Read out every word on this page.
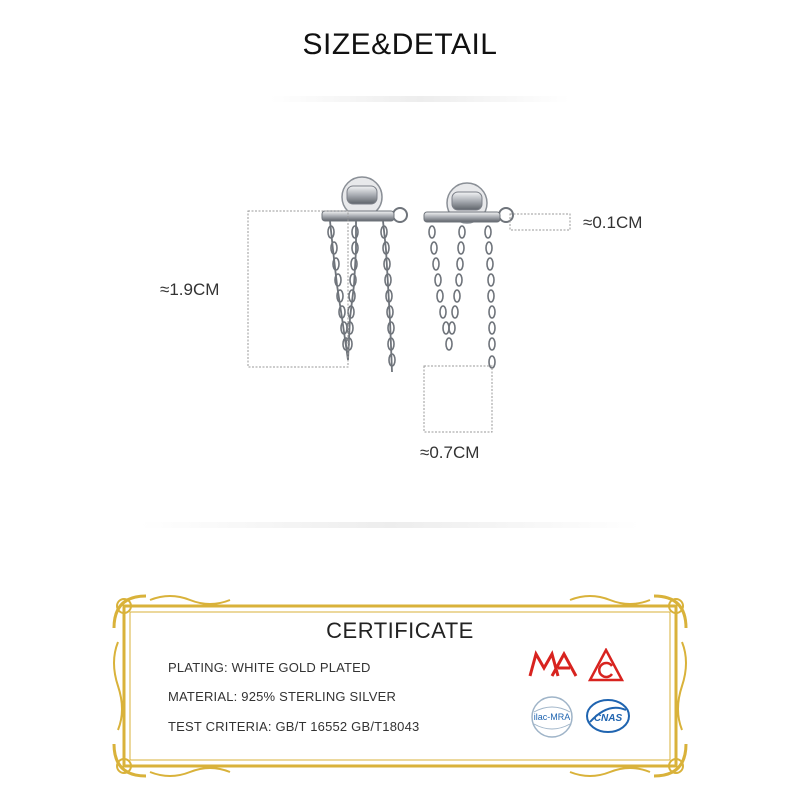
SIZE&DETAIL
≈1.9CM
≈0.1CM
≈0.7CM
CERTIFICATE
PLATING: WHITE GOLD PLATED
MATERIAL: 925% STERLING SILVER
TEST CRITERIA: GB/T 16552 GB/T18043
ilac-MRA CNAS
